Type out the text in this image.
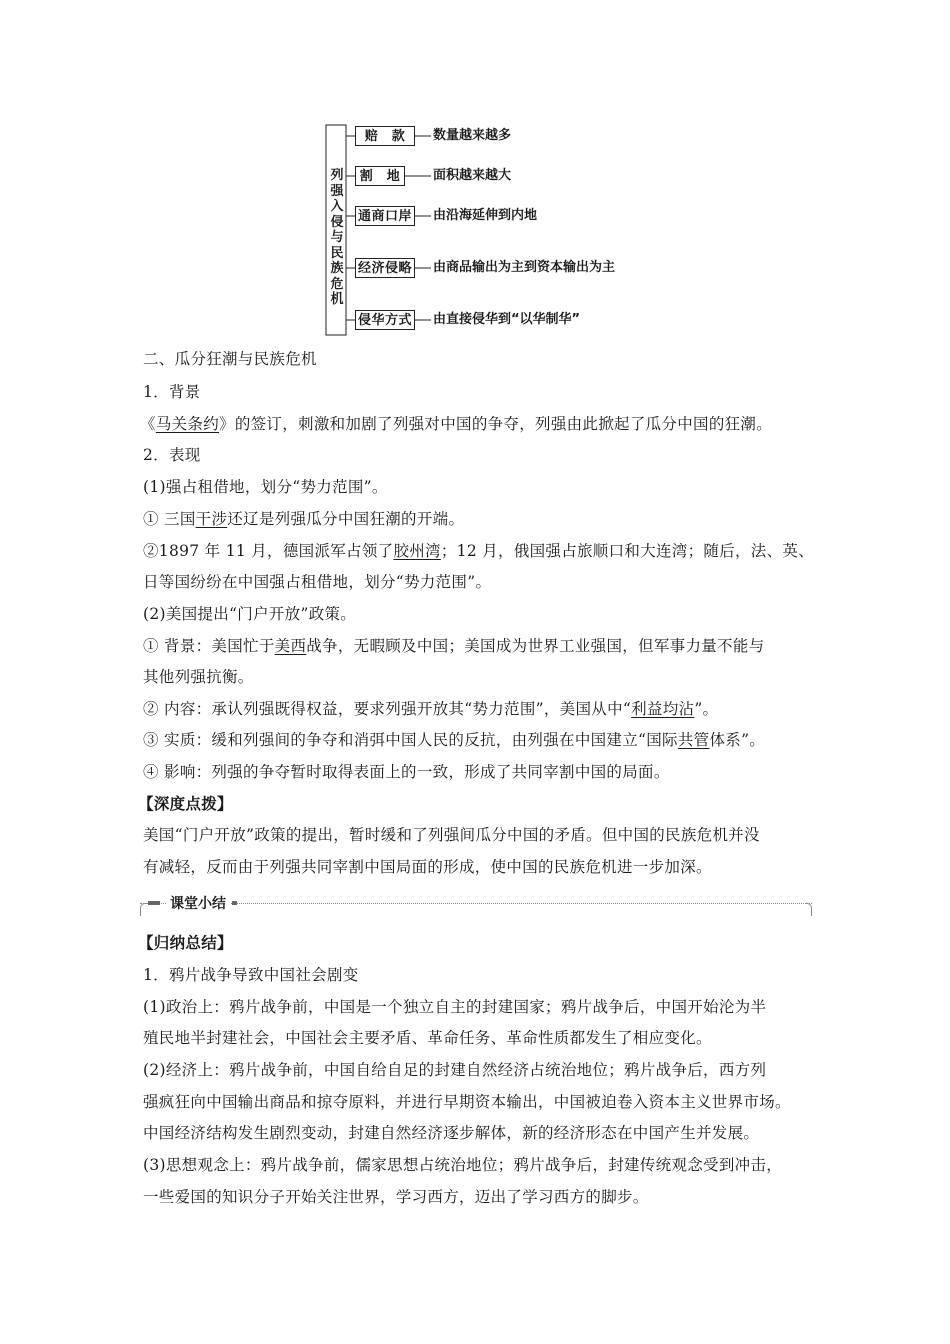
列强入侵与民族危机
赔　款	数量越来越多
割　地	面积越来越大
通商口岸 由沿海延伸到内地
经济侵略 由商品输出为主到资本输出为主
侵华方式 由直接侵华到“以华制华”
二、瓜分狂潮与民族危机
1．背景
《马关条约》的签订，刺激和加剧了列强对中国的争夺，列强由此掀起了瓜分中国的狂潮。
2．表现
(1)强占租借地，划分“势力范围”。
① 三国干涉还辽是列强瓜分中国狂潮的开端。
②1897 年 11 月，德国派军占领了胶州湾；12 月，俄国强占旅顺口和大连湾；随后，法、英、
日等国纷纷在中国强占租借地，划分“势力范围”。
(2)美国提出“门户开放”政策。
① 背景：美国忙于美西战争，无暇顾及中国；美国成为世界工业强国，但军事力量不能与
其他列强抗衡。
② 内容：承认列强既得权益，要求列强开放其“势力范围”，美国从中“利益均沾”。
③ 实质：缓和列强间的争夺和消弭中国人民的反抗，由列强在中国建立“国际共管体系”。
④ 影响：列强的争夺暂时取得表面上的一致，形成了共同宰割中国的局面。
【深度点拨】
美国“门户开放”政策的提出，暂时缓和了列强间瓜分中国的矛盾。但中国的民族危机并没
有减轻，反而由于列强共同宰割中国局面的形成，使中国的民族危机进一步加深。
课堂小结
【归纳总结】
1．鸦片战争导致中国社会剧变
(1)政治上：鸦片战争前，中国是一个独立自主的封建国家；鸦片战争后，中国开始沦为半
殖民地半封建社会，中国社会主要矛盾、革命任务、革命性质都发生了相应变化。
(2)经济上：鸦片战争前，中国自给自足的封建自然经济占统治地位；鸦片战争后，西方列
强疯狂向中国输出商品和掠夺原料，并进行早期资本输出，中国被迫卷入资本主义世界市场。
中国经济结构发生剧烈变动，封建自然经济逐步解体，新的经济形态在中国产生并发展。
(3)思想观念上：鸦片战争前，儒家思想占统治地位；鸦片战争后，封建传统观念受到冲击，
一些爱国的知识分子开始关注世界，学习西方，迈出了学习西方的脚步。
